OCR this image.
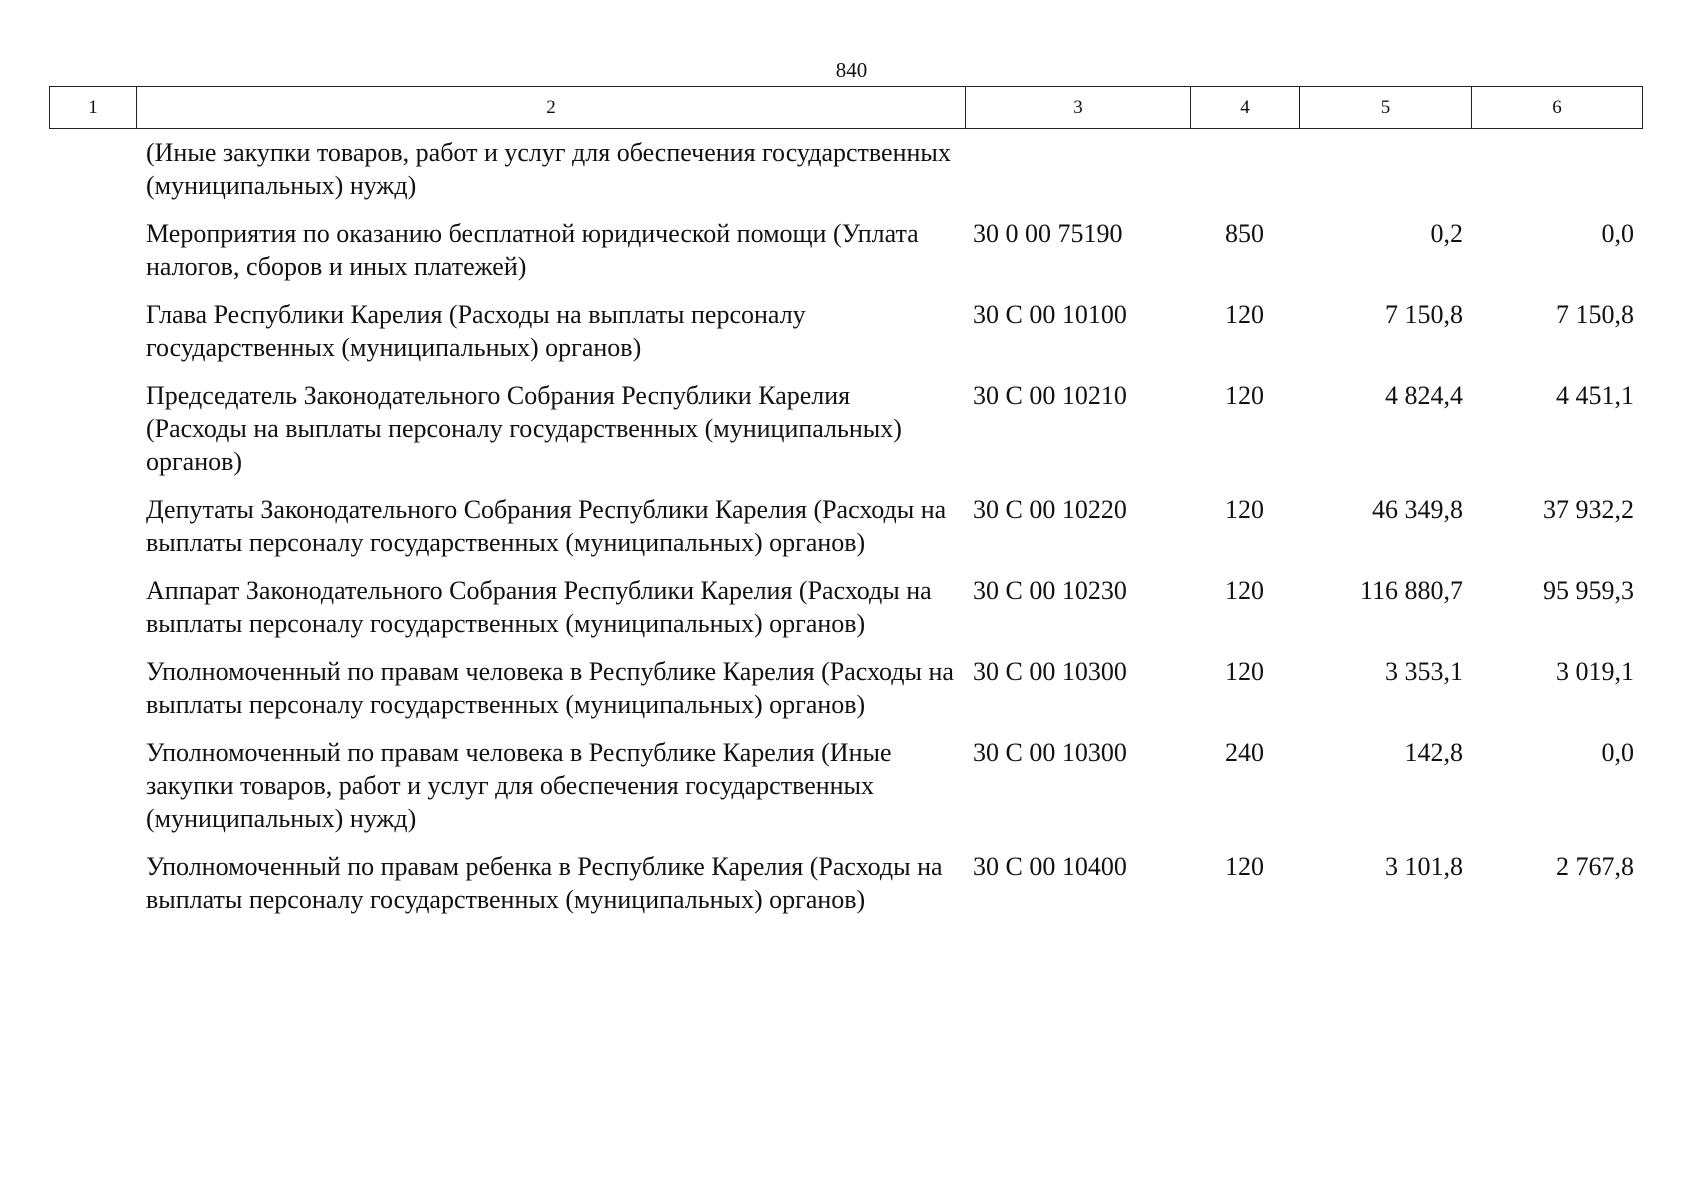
840
1	2	3	4	5	6
	(Иные закупки товаров, работ и услуг для обеспечения государственных (муниципальных) нужд)				

	Мероприятия по оказанию бесплатной юридической помощи (Уплата налогов, сборов и иных платежей)	30 0 00 75190	850	0,2	0,0

	Глава Республики Карелия (Расходы на выплаты персоналу государственных (муниципальных) органов)	30 С 00 10100	120	7 150,8	7 150,8

	Председатель Законодательного Собрания Республики Карелия (Расходы на выплаты персоналу государственных (муниципальных) органов)	30 С 00 10210	120	4 824,4	4 451,1

	Депутаты Законодательного Собрания Республики Карелия (Расходы на выплаты персоналу государственных (муниципальных) органов)	30 С 00 10220	120	46 349,8	37 932,2

	Аппарат Законодательного Собрания Республики Карелия (Расходы на выплаты персоналу государственных (муниципальных) органов)	30 С 00 10230	120	116 880,7	95 959,3

	Уполномоченный по правам человека в Республике Карелия (Расходы на выплаты персоналу государственных (муниципальных) органов)	30 С 00 10300	120	3 353,1	3 019,1

	Уполномоченный по правам человека в Республике Карелия (Иные закупки товаров, работ и услуг для обеспечения государственных (муниципальных) нужд)	30 С 00 10300	240	142,8	0,0

	Уполномоченный по правам ребенка в Республике Карелия (Расходы на выплаты персоналу государственных (муниципальных) органов)	30 С 00 10400	120	3 101,8	2 767,8
